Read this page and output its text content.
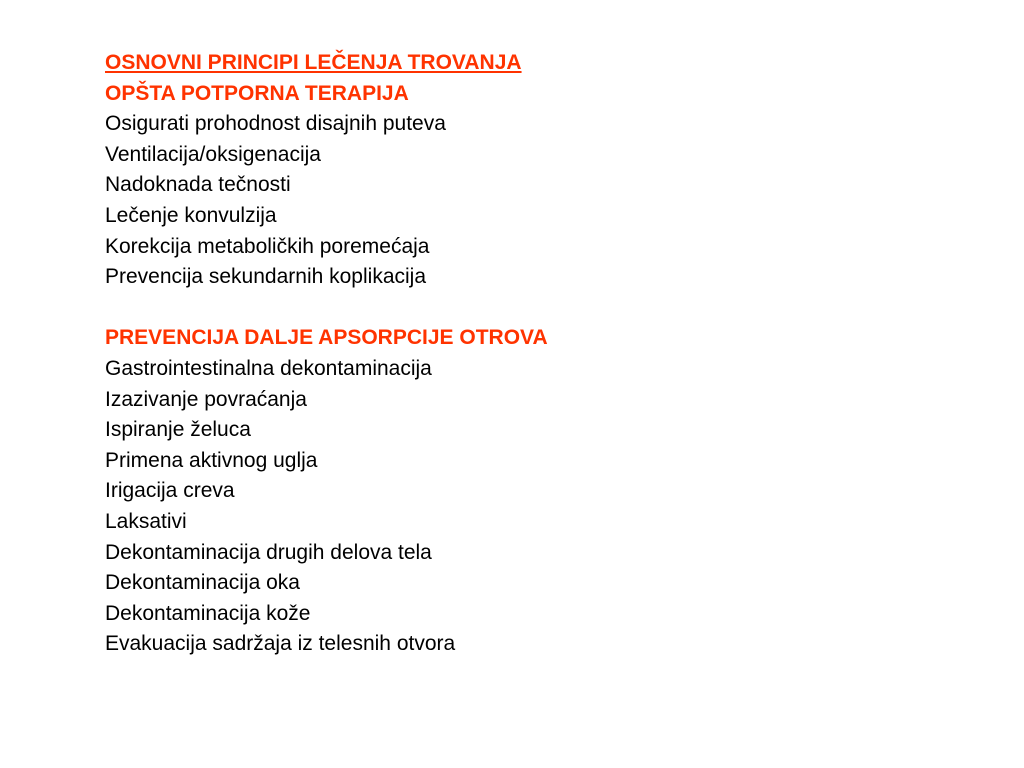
OSNOVNI PRINCIPI LEČENJA TROVANJA
OPŠTA POTPORNA TERAPIJA
Osigurati prohodnost disajnih puteva
Ventilacija/oksigenacija
Nadoknada tečnosti
Lečenje konvulzija
Korekcija metaboličkih poremećaja
Prevencija sekundarnih koplikacija
PREVENCIJA DALJE APSORPCIJE OTROVA
Gastrointestinalna dekontaminacija
Izazivanje povraćanja
Ispiranje želuca
Primena aktivnog uglja
Irigacija creva
Laksativi
Dekontaminacija drugih delova tela
Dekontaminacija oka
Dekontaminacija kože
Evakuacija sadržaja iz telesnih otvora
